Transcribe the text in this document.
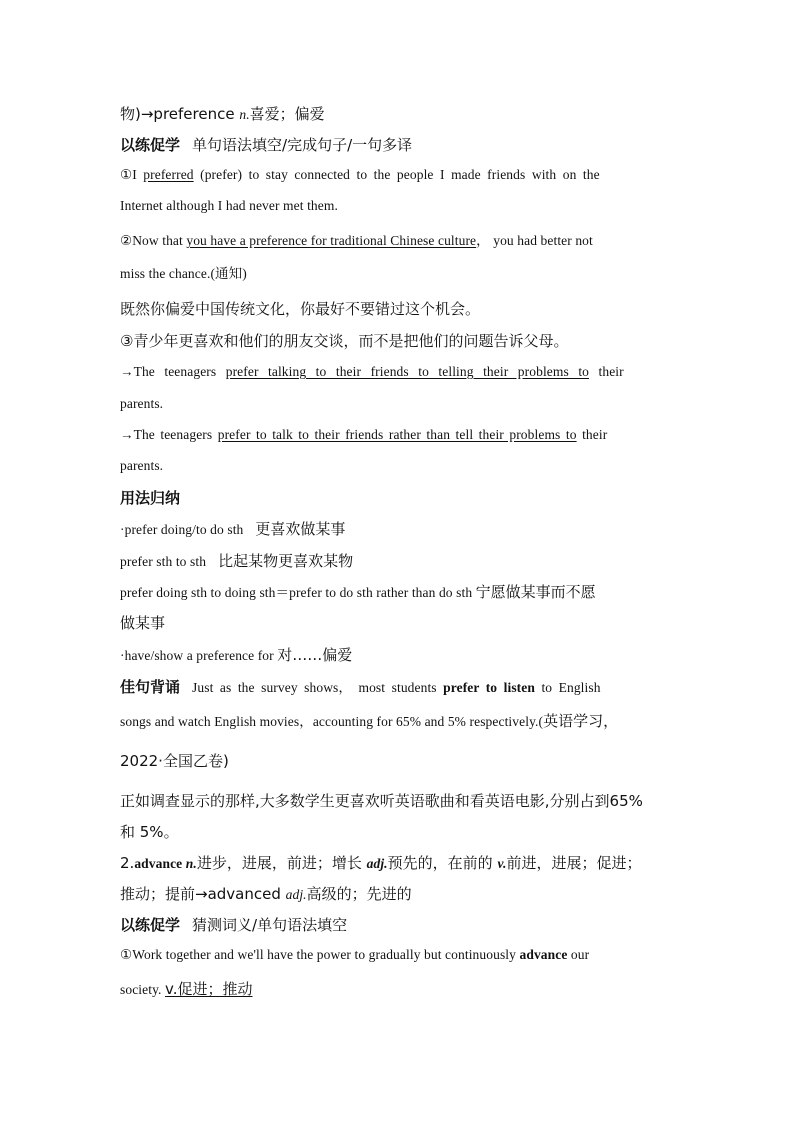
物)→preference n.喜爱；偏爱
以练促学 单句语法填空/完成句子/一句多译
①I preferred (prefer) to stay connected to the people I made friends with on the
Internet although I had never met them.
②Now that you have a preference for traditional Chinese culture， you had better not
miss the chance.(通知)
既然你偏爱中国传统文化，你最好不要错过这个机会。
③青少年更喜欢和他们的朋友交谈，而不是把他们的问题告诉父母。
→The teenagers prefer talking to their friends to telling their problems to their
parents.
→The teenagers prefer to talk to their friends rather than tell their problems to their
parents.
用法归纳
·prefer doing/to do sth 更喜欢做某事
prefer sth to sth 比起某物更喜欢某物
prefer doing sth to doing sth＝prefer to do sth rather than do sth 宁愿做某事而不愿
做某事
·have/show a preference for 对……偏爱
佳句背诵 Just as the survey shows， most students prefer to listen to English
songs and watch English movies，accounting for 65% and 5% respectively.(英语学习，
2022·全国乙卷)
正如调查显示的那样,大多数学生更喜欢听英语歌曲和看英语电影,分别占到65%
和 5%。
2.advance n.进步，进展，前进；增长 adj.预先的，在前的 v.前进，进展；促进；
推动；提前→advanced adj.高级的；先进的
以练促学 猜测词义/单句语法填空
①Work together and we'll have the power to gradually but continuously advance our
society. v.促进；推动
